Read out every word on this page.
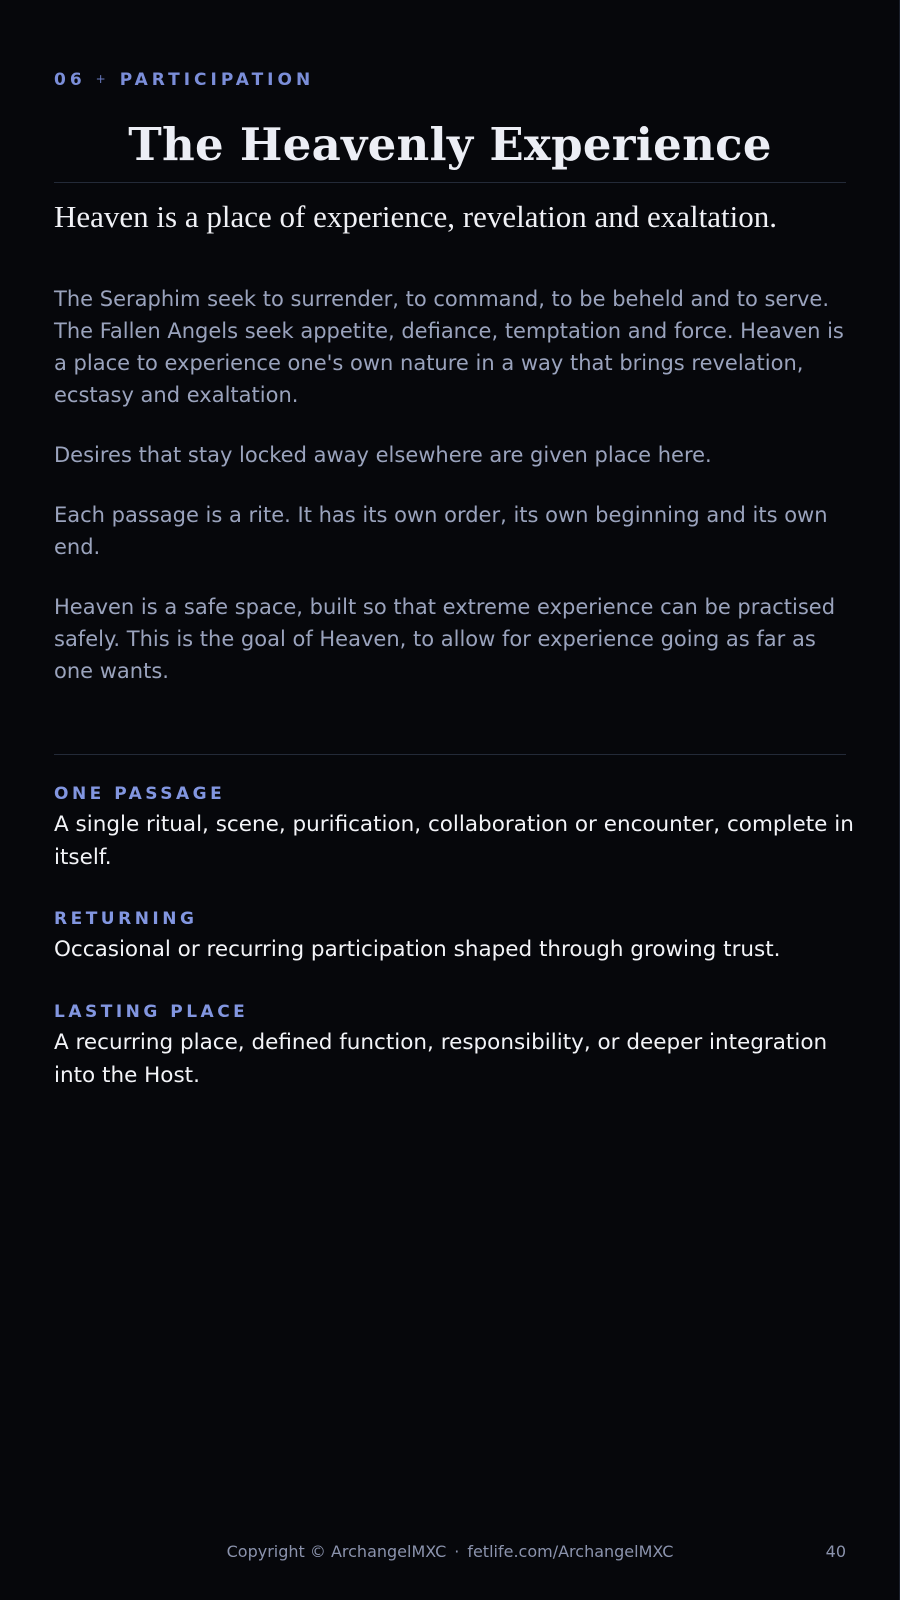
06 + PARTICIPATION
The Heavenly Experience

Heaven is a place of experience, revelation and exaltation.

The Seraphim seek to surrender, to command, to be beheld and to serve. The Fallen Angels seek appetite, defiance, temptation and force. Heaven is a place to experience one's own nature in a way that brings revelation, ecstasy and exaltation.

Desires that stay locked away elsewhere are given place here.

Each passage is a rite. It has its own order, its own beginning and its own end.

Heaven is a safe space, built so that extreme experience can be practised safely. This is the goal of Heaven, to allow for experience going as far as one wants.

ONE PASSAGE

A single ritual, scene, purification, collaboration or encounter, complete in itself.

RETURNING

Occasional or recurring participation shaped through growing trust.

LASTING PLACE

A recurring place, defined function, responsibility, or deeper integration into the Host.

Copyright © ArchangelMXC · fetlife.com/ArchangelMXC	40
